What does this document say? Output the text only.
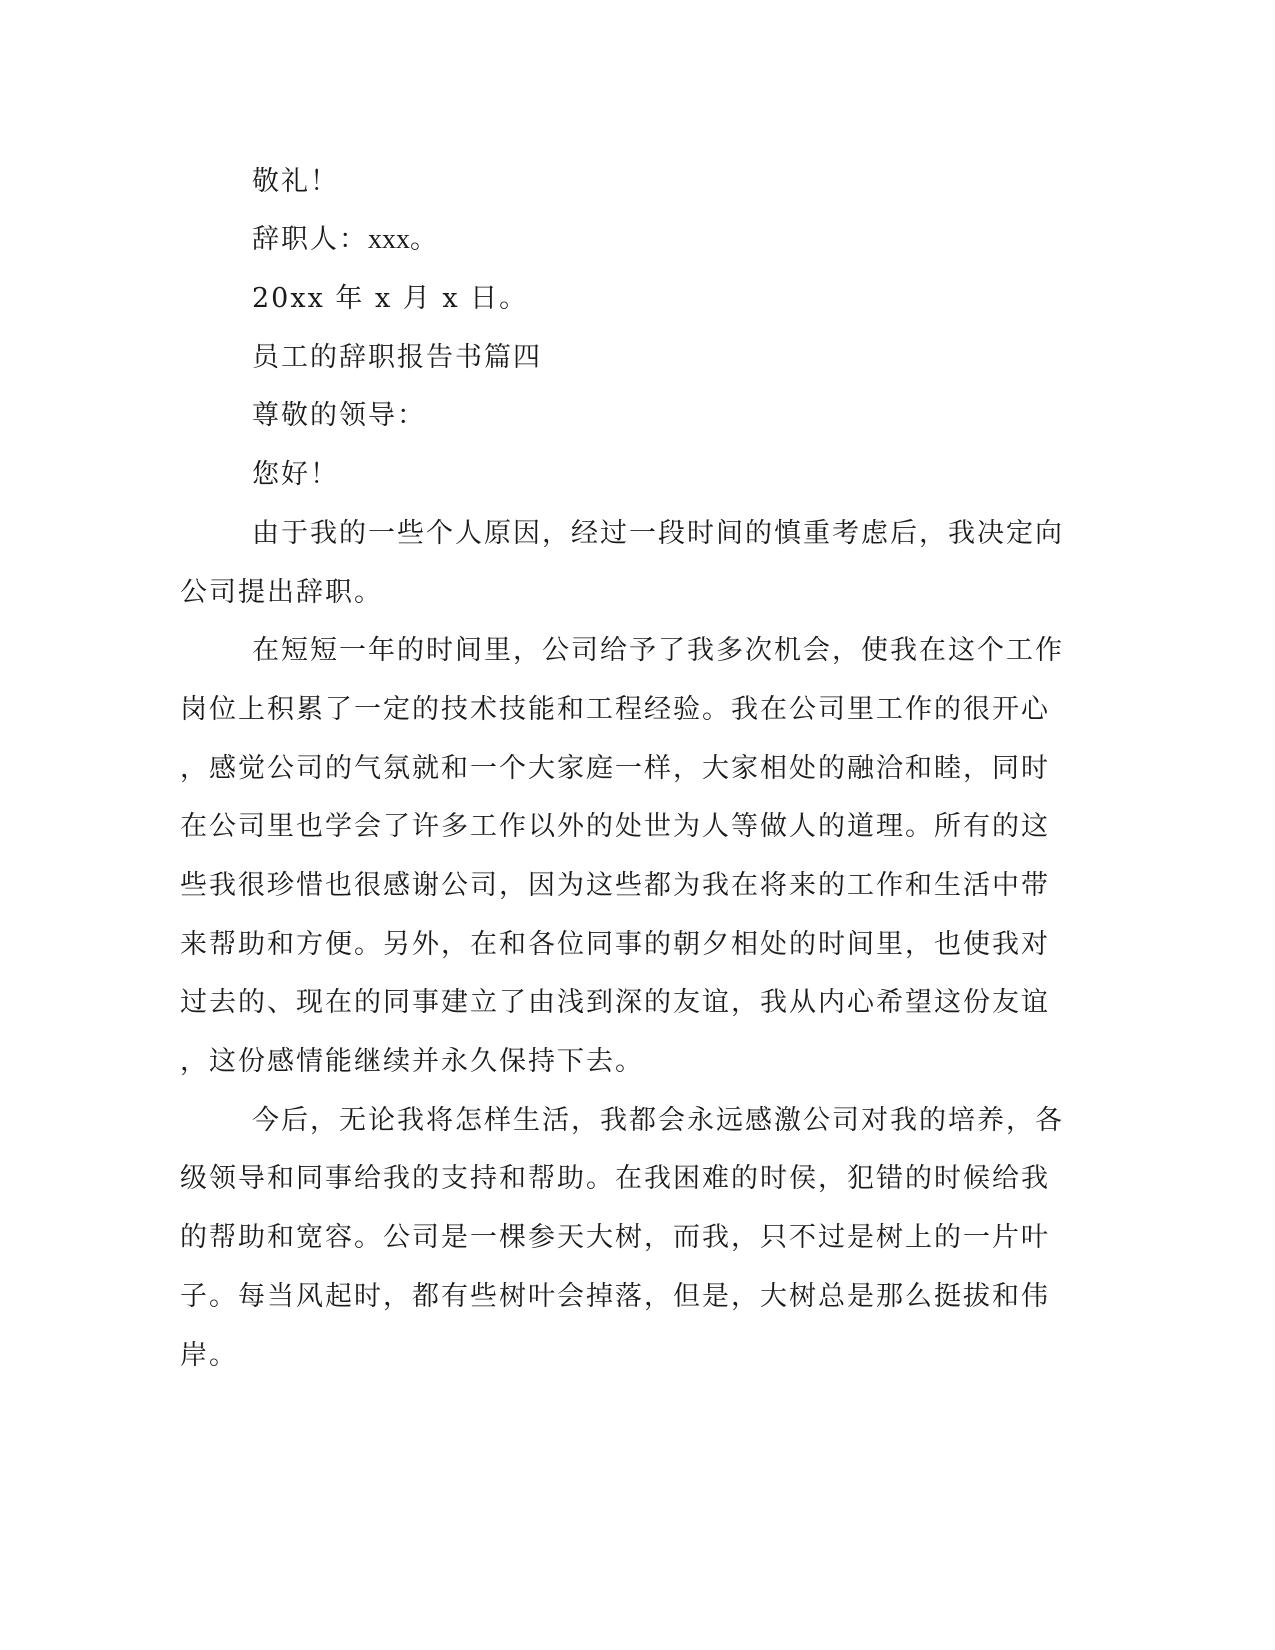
敬礼！
辞职人：xxx。
20xx 年 x 月 x 日。
员工的辞职报告书篇四
尊敬的领导：
您好！
由于我的一些个人原因，经过一段时间的慎重考虑后，我决定向
公司提出辞职。
在短短一年的时间里，公司给予了我多次机会，使我在这个工作
岗位上积累了一定的技术技能和工程经验。我在公司里工作的很开心
，感觉公司的气氛就和一个大家庭一样，大家相处的融洽和睦，同时
在公司里也学会了许多工作以外的处世为人等做人的道理。所有的这
些我很珍惜也很感谢公司，因为这些都为我在将来的工作和生活中带
来帮助和方便。另外，在和各位同事的朝夕相处的时间里，也使我对
过去的、现在的同事建立了由浅到深的友谊，我从内心希望这份友谊
，这份感情能继续并永久保持下去。
今后，无论我将怎样生活，我都会永远感激公司对我的培养，各
级领导和同事给我的支持和帮助。在我困难的时侯，犯错的时候给我
的帮助和宽容。公司是一棵参天大树，而我，只不过是树上的一片叶
子。每当风起时，都有些树叶会掉落，但是，大树总是那么挺拔和伟
岸。
